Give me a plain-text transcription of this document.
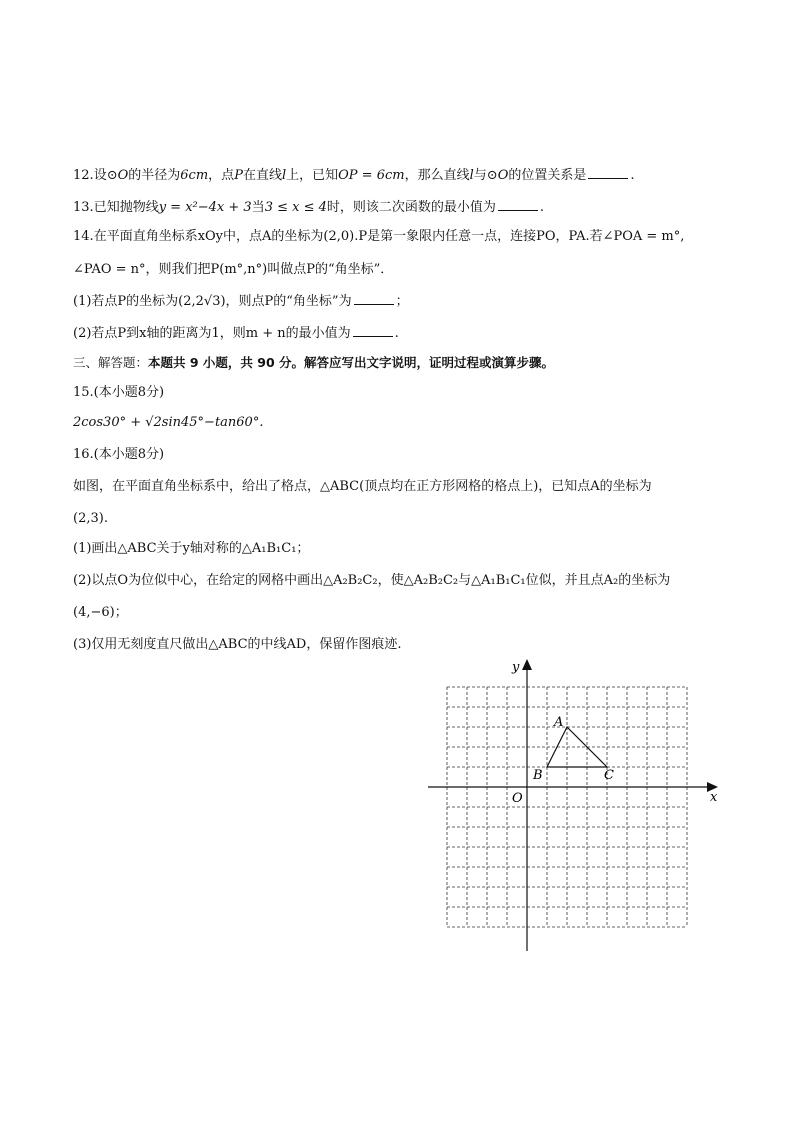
12.设⊙O的半径为6cm，点P在直线l上，已知OP = 6cm，那么直线l与⊙O的位置关系是	.
13.已知抛物线y = x²−4x + 3当3 ≤ x ≤ 4时，则该二次函数的最小值为	.
14.在平面直角坐标系xOy中，点A的坐标为(2,0).P是第一象限内任意一点，连接PO，PA.若∠POA = m°,
∠PAO = n°，则我们把P(m°,n°)叫做点P的“角坐标”．
(1)若点P的坐标为(2,2√3)，则点P的“角坐标”为	；
(2)若点P到x轴的距离为1，则m + n的最小值为	.
三、解答题：本题共 9 小题，共 90 分。解答应写出文字说明，证明过程或演算步骤。
15.(本小题8分)
2cos30° + √2sin45°−tan60°.
16.(本小题8分)
如图，在平面直角坐标系中，给出了格点，△ABC(顶点均在正方形网格的格点上)，已知点A的坐标为
(2,3).
(1)画出△ABC关于y轴对称的△A₁B₁C₁；
(2)以点O为位似中心，在给定的网格中画出△A₂B₂C₂，使△A₂B₂C₂与△A₁B₁C₁位似，并且点A₂的坐标为
(4,−6)；
(3)仅用无刻度直尺做出△ABC的中线AD，保留作图痕迹.
x
y
O
A
B	C
